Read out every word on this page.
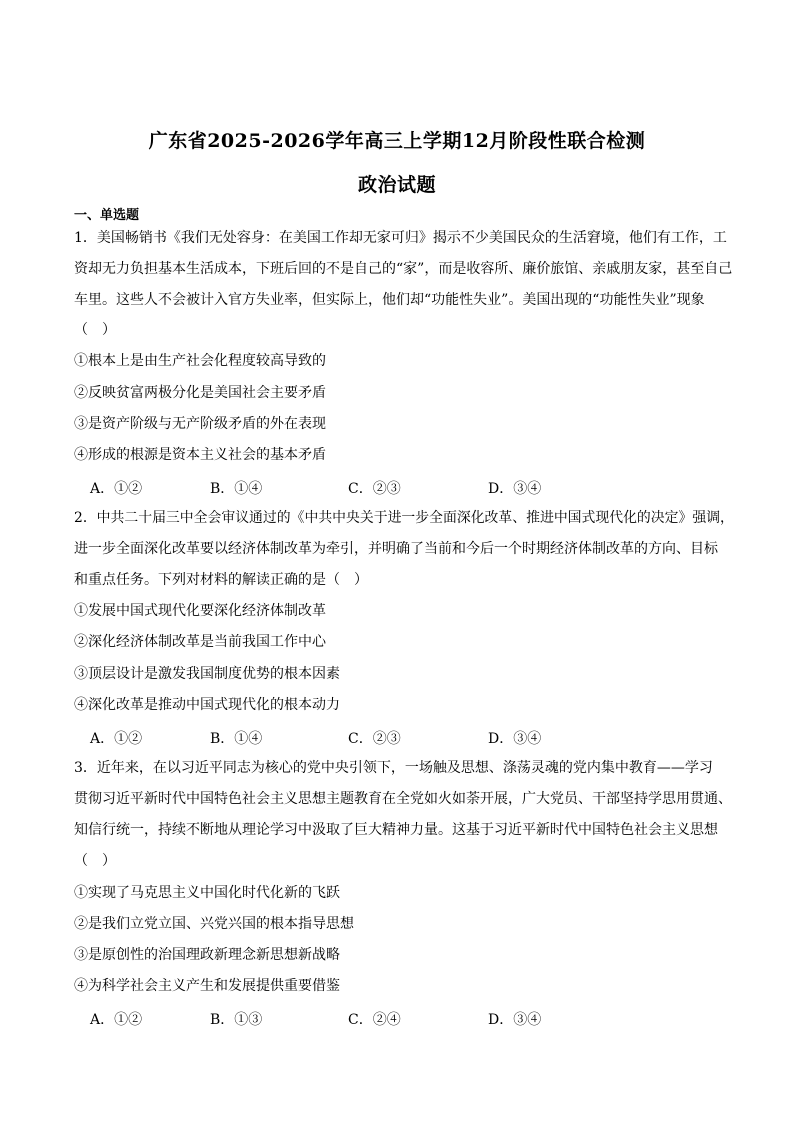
广东省2025-2026学年高三上学期12月阶段性联合检测
政治试题
一、单选题
1．美国畅销书《我们无处容身：在美国工作却无家可归》揭示不少美国民众的生活窘境，他们有工作，工
资却无力负担基本生活成本，下班后回的不是自己的“家”，而是收容所、廉价旅馆、亲戚朋友家，甚至自己
车里。这些人不会被计入官方失业率，但实际上，他们却“功能性失业”。美国出现的“功能性失业”现象
（　）
①根本上是由生产社会化程度较高导致的
②反映贫富两极分化是美国社会主要矛盾
③是资产阶级与无产阶级矛盾的外在表现
④形成的根源是资本主义社会的基本矛盾
A．①②	B．①④	C．②③	D．③④
2．中共二十届三中全会审议通过的《中共中央关于进一步全面深化改革、推进中国式现代化的决定》强调，
进一步全面深化改革要以经济体制改革为牵引，并明确了当前和今后一个时期经济体制改革的方向、目标
和重点任务。下列对材料的解读正确的是（　）
①发展中国式现代化要深化经济体制改革
②深化经济体制改革是当前我国工作中心
③顶层设计是激发我国制度优势的根本因素
④深化改革是推动中国式现代化的根本动力
A．①②	B．①④	C．②③	D．③④
3．近年来，在以习近平同志为核心的党中央引领下，一场触及思想、涤荡灵魂的党内集中教育——学习
贯彻习近平新时代中国特色社会主义思想主题教育在全党如火如荼开展，广大党员、干部坚持学思用贯通、
知信行统一，持续不断地从理论学习中汲取了巨大精神力量。这基于习近平新时代中国特色社会主义思想
（　）
①实现了马克思主义中国化时代化新的飞跃
②是我们立党立国、兴党兴国的根本指导思想
③是原创性的治国理政新理念新思想新战略
④为科学社会主义产生和发展提供重要借鉴
A．①②	B．①③	C．②④	D．③④
